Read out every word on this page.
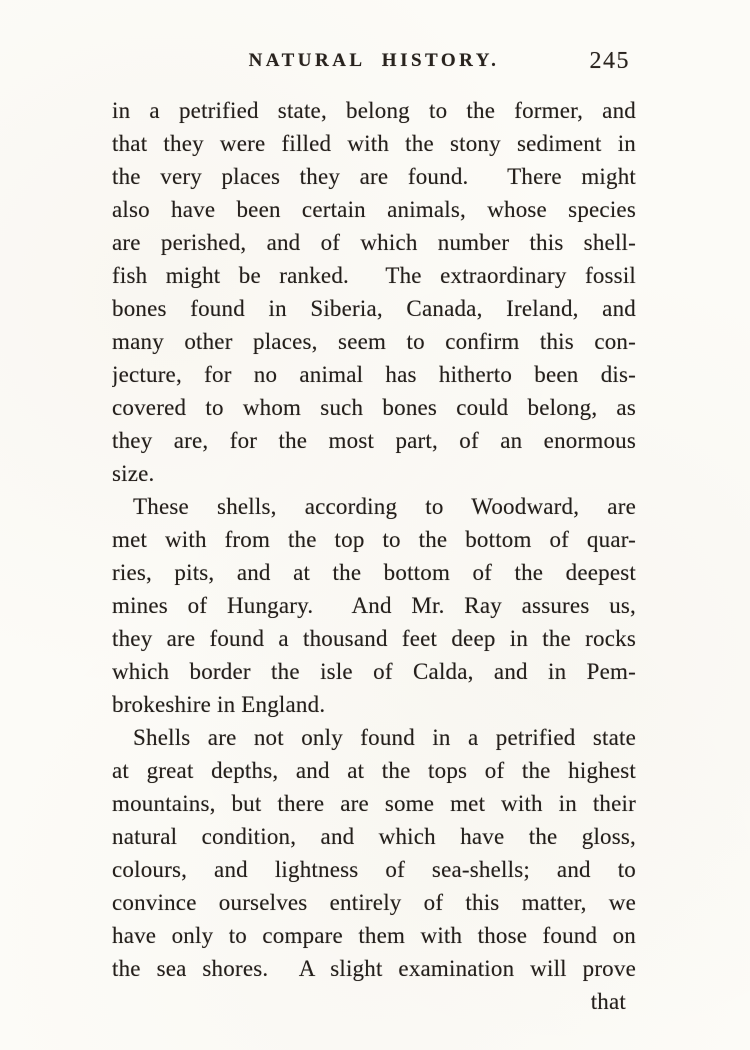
NATURAL HISTORY.	245
in a petrified state, belong to the former, and
that they were filled with the stony sediment in
the very places they are found.  There might
also have been certain animals, whose species
are perished, and of which number this shell-
fish might be ranked.  The extraordinary fossil
bones found in Siberia, Canada, Ireland, and
many other places, seem to confirm this con-
jecture, for no animal has hitherto been dis-
covered to whom such bones could belong, as
they are, for the most part, of an enormous
size.
These shells, according to Woodward, are
met with from the top to the bottom of quar-
ries, pits, and at the bottom of the deepest
mines of Hungary.  And Mr. Ray assures us,
they are found a thousand feet deep in the rocks
which border the isle of Calda, and in Pem-
brokeshire in England.
Shells are not only found in a petrified state
at great depths, and at the tops of the highest
mountains, but there are some met with in their
natural condition, and which have the gloss,
colours, and lightness of sea-shells; and to
convince ourselves entirely of this matter, we
have only to compare them with those found on
the sea shores.  A slight examination will prove
that
